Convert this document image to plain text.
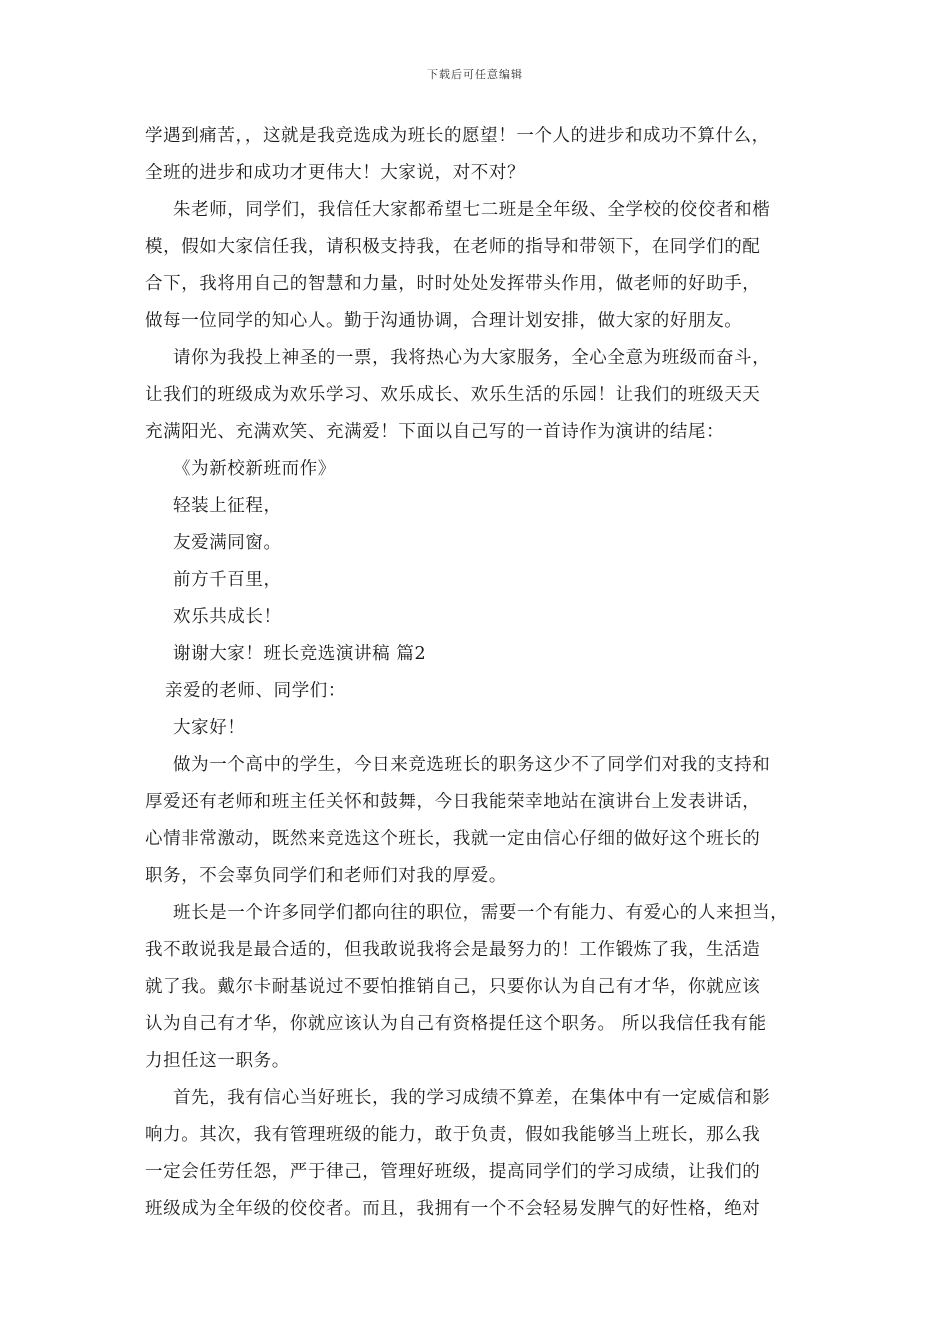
下载后可任意编辑
学遇到痛苦，，这就是我竞选成为班长的愿望！一个人的进步和成功不算什么，
全班的进步和成功才更伟大！大家说，对不对？
朱老师，同学们，我信任大家都希望七二班是全年级、全学校的佼佼者和楷
模，假如大家信任我，请积极支持我，在老师的指导和带领下，在同学们的配
合下，我将用自己的智慧和力量，时时处处发挥带头作用，做老师的好助手，
做每一位同学的知心人。勤于沟通协调，合理计划安排，做大家的好朋友。
请你为我投上神圣的一票，我将热心为大家服务，全心全意为班级而奋斗，
让我们的班级成为欢乐学习、欢乐成长、欢乐生活的乐园！让我们的班级天天
充满阳光、充满欢笑、充满爱！下面以自己写的一首诗作为演讲的结尾：
《为新校新班而作》
轻装上征程，
友爱满同窗。
前方千百里，
欢乐共成长！
谢谢大家！班长竞选演讲稿 篇2
亲爱的老师、同学们：
大家好！
做为一个高中的学生，今日来竞选班长的职务这少不了同学们对我的支持和
厚爱还有老师和班主任关怀和鼓舞，今日我能荣幸地站在演讲台上发表讲话，
心情非常激动，既然来竞选这个班长，我就一定由信心仔细的做好这个班长的
职务，不会辜负同学们和老师们对我的厚爱。
班长是一个许多同学们都向往的职位，需要一个有能力、有爱心的人来担当，
我不敢说我是最合适的，但我敢说我将会是最努力的！工作锻炼了我，生活造
就了我。戴尔卡耐基说过不要怕推销自己，只要你认为自己有才华，你就应该
认为自己有才华，你就应该认为自己有资格提任这个职务。 所以我信任我有能
力担任这一职务。
首先，我有信心当好班长，我的学习成绩不算差，在集体中有一定威信和影
响力。其次，我有管理班级的能力，敢于负责，假如我能够当上班长，那么我
一定会任劳任怨，严于律己，管理好班级，提高同学们的学习成绩，让我们的
班级成为全年级的佼佼者。而且，我拥有一个不会轻易发脾气的好性格，绝对
